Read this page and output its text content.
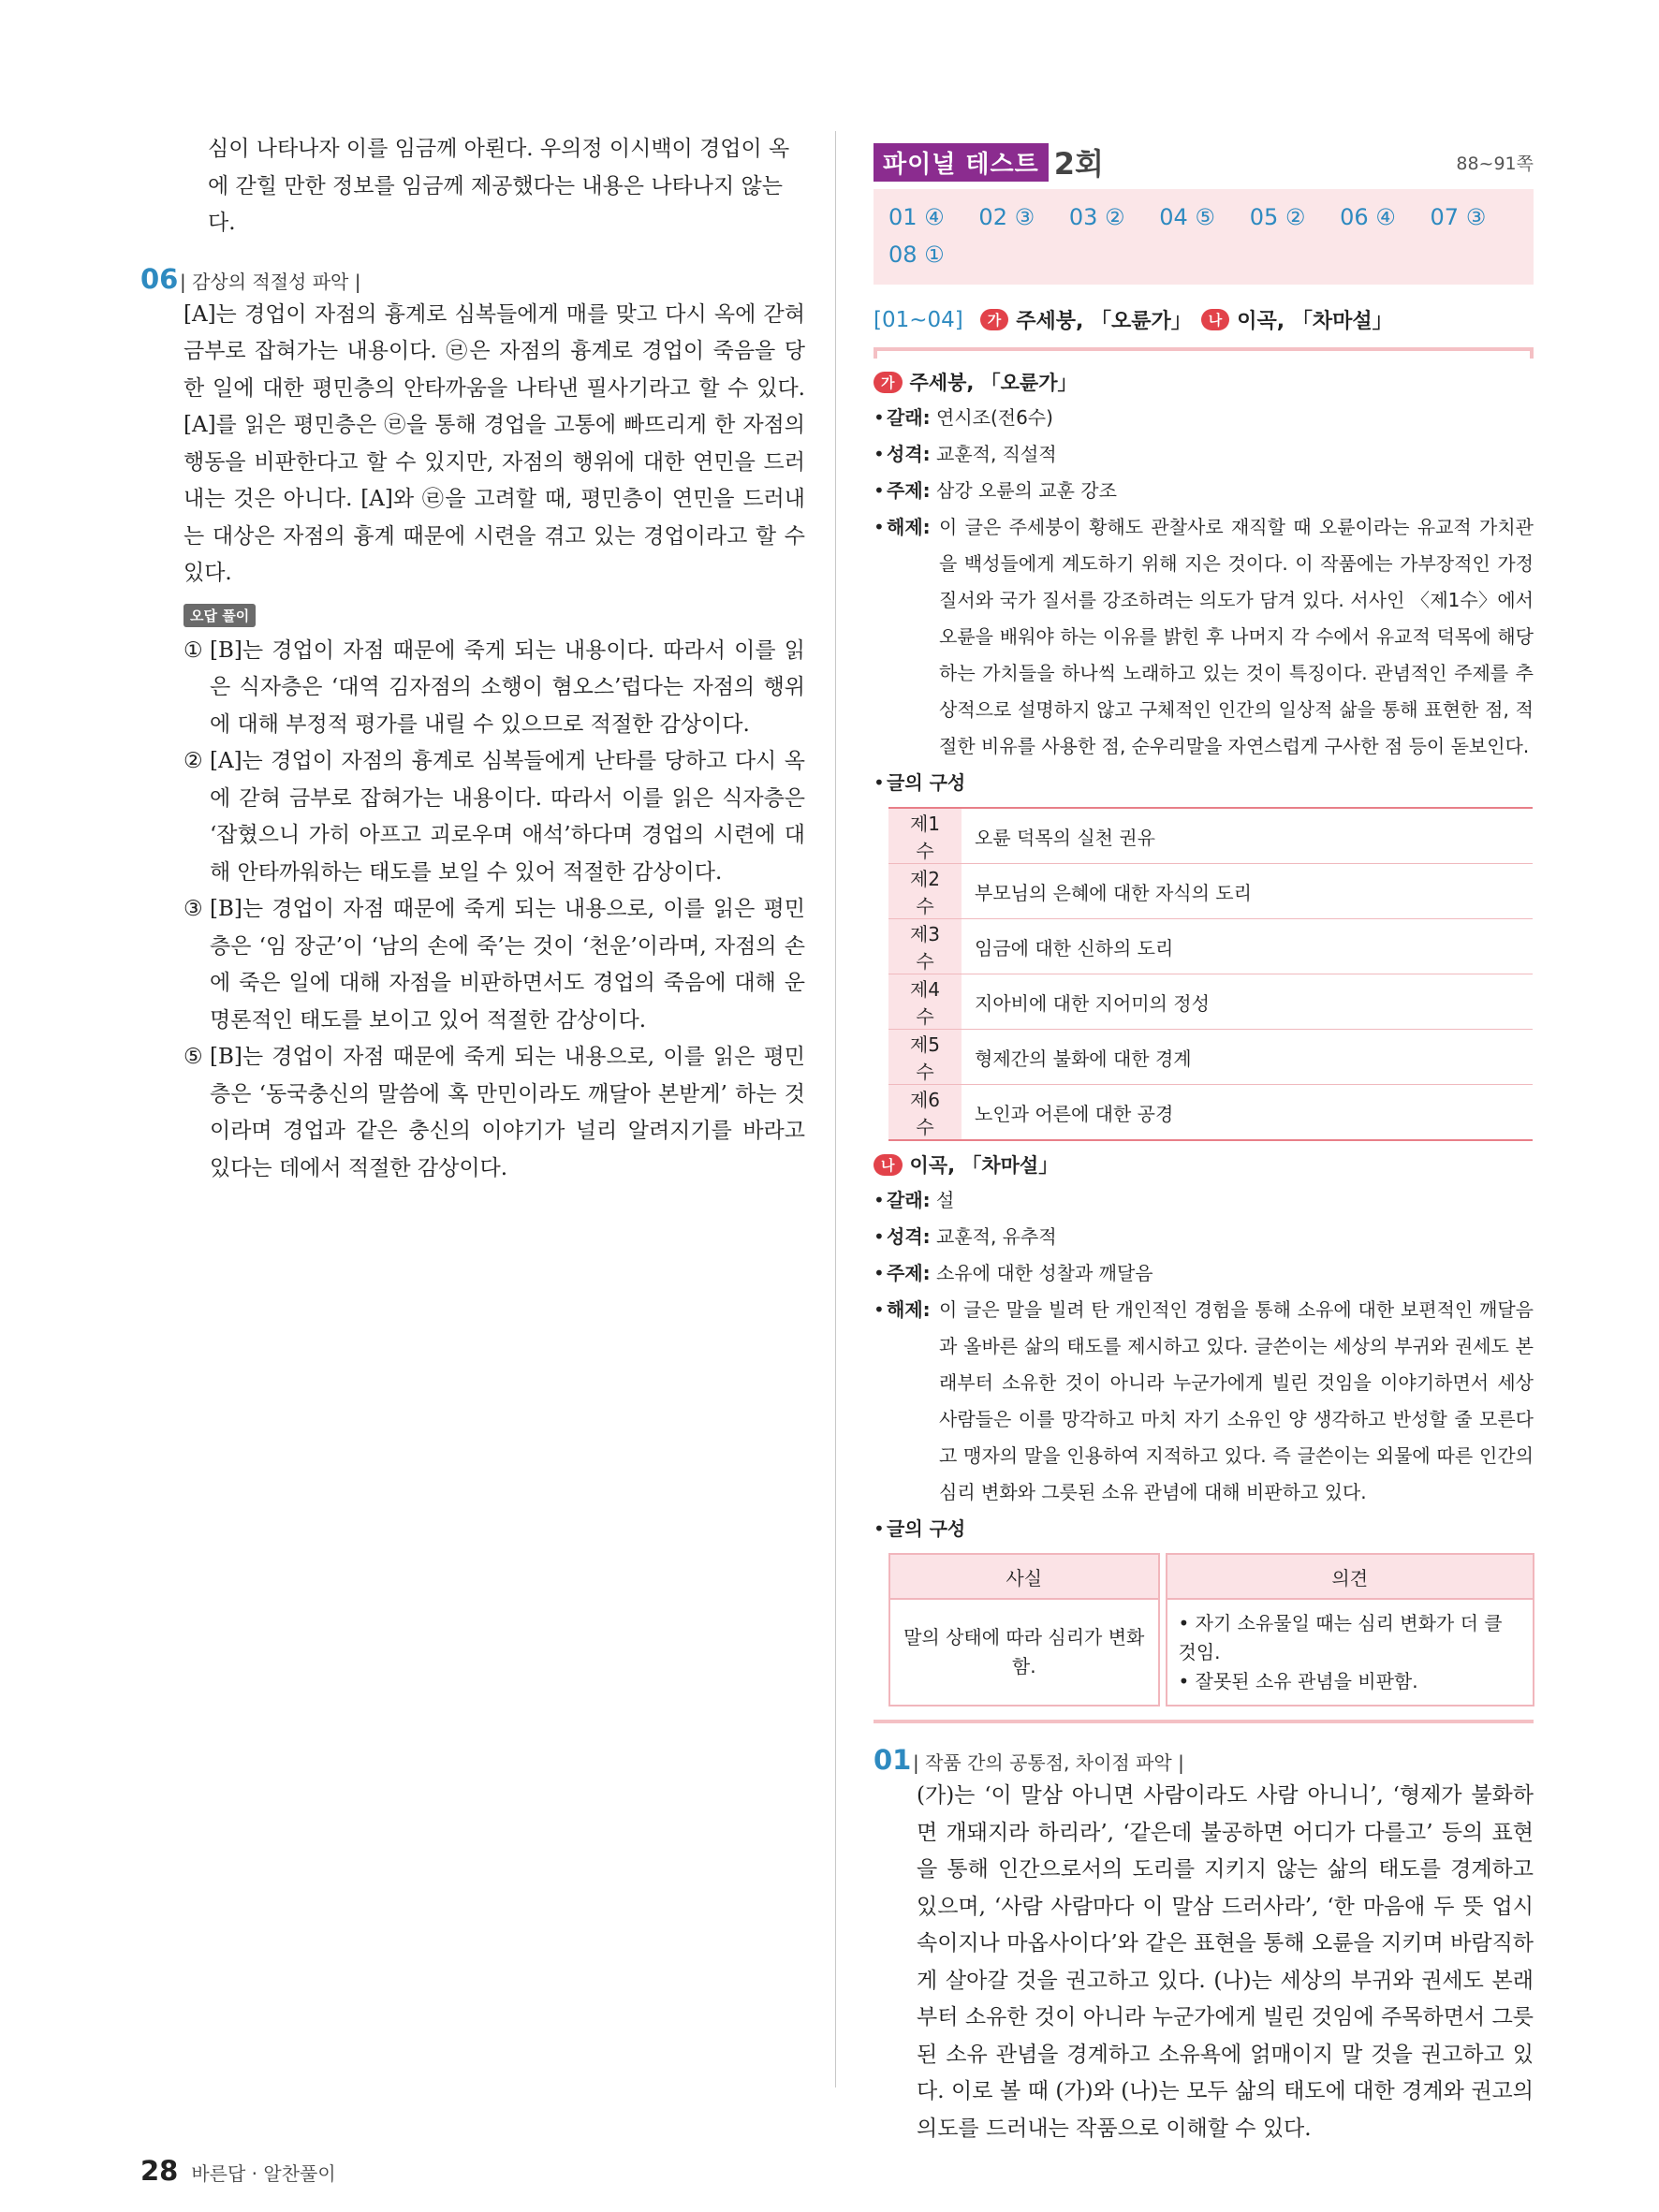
심이 나타나자 이를 임금께 아뢴다. 우의정 이시백이 경업이 옥

에 갇힐 만한 정보를 임금께 제공했다는 내용은 나타나지 않는

다.

06 | 감상의 적절성 파악 |

[A]는 경업이 자점의 흉계로 심복들에게 매를 맞고 다시 옥에 갇혀 금부로 잡혀가는 내용이다. ㉣은 자점의 흉계로 경업이 죽음을 당한 일에 대한 평민층의 안타까움을 나타낸 필사기라고 할 수 있다. [A]를 읽은 평민층은 ㉣을 통해 경업을 고통에 빠뜨리게 한 자점의 행동을 비판한다고 할 수 있지만, 자점의 행위에 대한 연민을 드러내는 것은 아니다. [A]와 ㉣을 고려할 때, 평민층이 연민을 드러내는 대상은 자점의 흉계 때문에 시련을 겪고 있는 경업이라고 할 수 있다.

오답 풀이
① [B]는 경업이 자점 때문에 죽게 되는 내용이다. 따라서 이를 읽은 식자층은 ‘대역 김자점의 소행이 혐오스’럽다는 자점의 행위에 대해 부정적 평가를 내릴 수 있으므로 적절한 감상이다.

② [A]는 경업이 자점의 흉계로 심복들에게 난타를 당하고 다시 옥에 갇혀 금부로 잡혀가는 내용이다. 따라서 이를 읽은 식자층은 ‘잡혔으니 가히 아프고 괴로우며 애석’하다며 경업의 시련에 대해 안타까워하는 태도를 보일 수 있어 적절한 감상이다.

③ [B]는 경업이 자점 때문에 죽게 되는 내용으로, 이를 읽은 평민층은 ‘임 장군’이 ‘남의 손에 죽’는 것이 ‘천운’이라며, 자점의 손에 죽은 일에 대해 자점을 비판하면서도 경업의 죽음에 대해 운명론적인 태도를 보이고 있어 적절한 감상이다.

⑤ [B]는 경업이 자점 때문에 죽게 되는 내용으로, 이를 읽은 평민층은 ‘동국충신의 말씀에 혹 만민이라도 깨달아 본받게’ 하는 것이라며 경업과 같은 충신의 이야기가 널리 알려지기를 바라고 있다는 데에서 적절한 감상이다.

파이널 테스트 2회	88~91쪽
01 ④	02 ③	03 ②	04 ⑤	05 ②	06 ④	07 ③
08 ①
[01~04]	가 주세붕, 「오륜가」	나 이곡, 「차마설」
가 주세붕, 「오륜가」
• 갈래:
연시조(전6수)
• 성격:
교훈적, 직설적
• 주제:
삼강 오륜의 교훈 강조
• 해제: 이 글은 주세붕이 황해도 관찰사로 재직할 때 오륜이라는 유교적 가치관을 백성들에게 계도하기 위해 지은 것이다. 이 작품에는 가부장적인 가정 질서와 국가 질서를 강조하려는 의도가 담겨 있다. 서사인 〈제1수〉에서 오륜을 배워야 하는 이유를 밝힌 후 나머지 각 수에서 유교적 덕목에 해당하는 가치들을 하나씩 노래하고 있는 것이 특징이다. 관념적인 주제를 추상적으로 설명하지 않고 구체적인 인간의 일상적 삶을 통해 표현한 점, 적절한 비유를 사용한 점, 순우리말을 자연스럽게 구사한 점 등이 돋보인다.
• 글의 구성
제1수	오륜 덕목의 실천 권유
제2수	부모님의 은혜에 대한 자식의 도리
제3수	임금에 대한 신하의 도리
제4수	지아비에 대한 지어미의 정성
제5수	형제간의 불화에 대한 경계
제6수	노인과 어른에 대한 공경
나 이곡, 「차마설」
• 갈래:
설
• 성격:
교훈적, 유추적
• 주제:
소유에 대한 성찰과 깨달음
• 해제: 이 글은 말을 빌려 탄 개인적인 경험을 통해 소유에 대한 보편적인 깨달음과 올바른 삶의 태도를 제시하고 있다. 글쓴이는 세상의 부귀와 권세도 본래부터 소유한 것이 아니라 누군가에게 빌린 것임을 이야기하면서 세상 사람들은 이를 망각하고 마치 자기 소유인 양 생각하고 반성할 줄 모른다고 맹자의 말을 인용하여 지적하고 있다. 즉 글쓴이는 외물에 따른 인간의 심리 변화와 그릇된 소유 관념에 대해 비판하고 있다.
• 글의 구성
사실	의견
말의 상태에 따라 심리가 변화함.	• 자기 소유물일 때는 심리 변화가 더 클 것임.
• 잘못된 소유 관념을 비판함.
01 | 작품 간의 공통점, 차이점 파악 |

(가)는 ‘이 말삼 아니면 사람이라도 사람 아니니’, ‘형제가 불화하면 개돼지라 하리라’, ‘같은데 불공하면 어디가 다를고’ 등의 표현을 통해 인간으로서의 도리를 지키지 않는 삶의 태도를 경계하고 있으며, ‘사람 사람마다 이 말삼 드러사라’, ‘한 마음애 두 뜻 업시 속이지나 마옵사이다’와 같은 표현을 통해 오륜을 지키며 바람직하게 살아갈 것을 권고하고 있다. (나)는 세상의 부귀와 권세도 본래부터 소유한 것이 아니라 누군가에게 빌린 것임에 주목하면서 그릇된 소유 관념을 경계하고 소유욕에 얽매이지 말 것을 권고하고 있다. 이로 볼 때 (가)와 (나)는 모두 삶의 태도에 대한 경계와 권고의 의도를 드러내는 작품으로 이해할 수 있다.

28 바른답 · 알찬풀이
